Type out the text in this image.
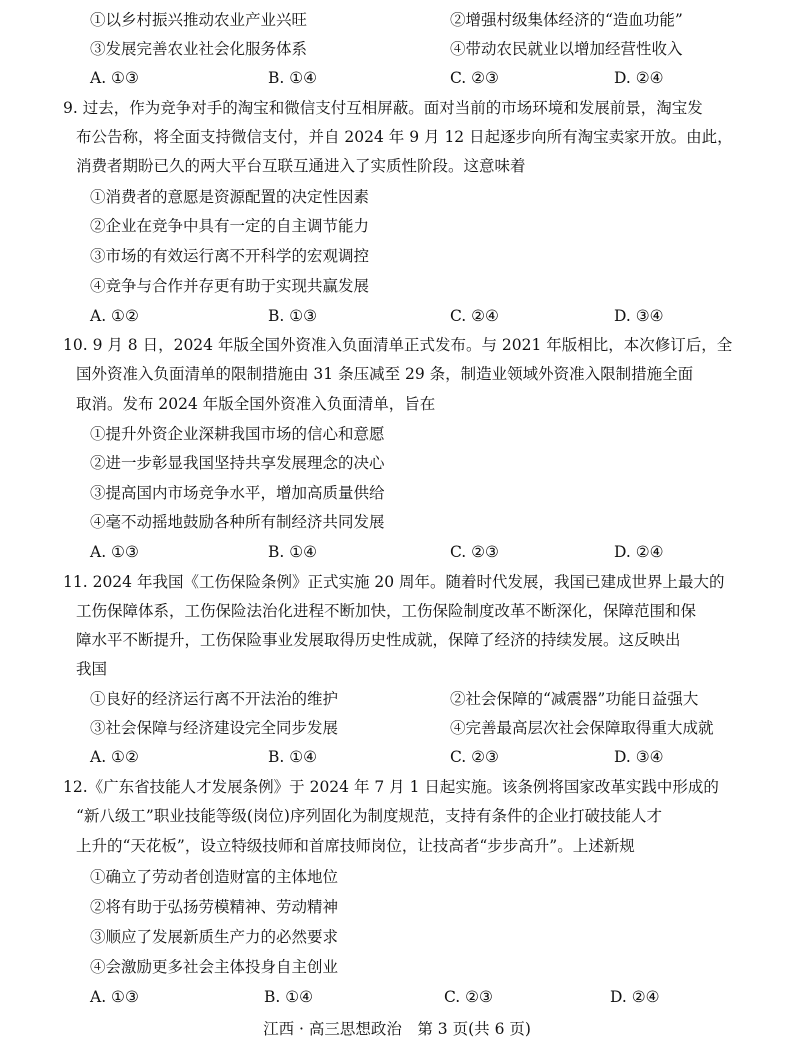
①以乡村振兴推动农业产业兴旺	②增强村级集体经济的“造血功能”
③发展完善农业社会化服务体系	④带动农民就业以增加经营性收入
A. ①③	B. ①④	C. ②③	D. ②④
9. 过去，作为竞争对手的淘宝和微信支付互相屏蔽。面对当前的市场环境和发展前景，淘宝发
布公告称，将全面支持微信支付，并自 2024 年 9 月 12 日起逐步向所有淘宝卖家开放。由此，
消费者期盼已久的两大平台互联互通进入了实质性阶段。这意味着
①消费者的意愿是资源配置的决定性因素
②企业在竞争中具有一定的自主调节能力
③市场的有效运行离不开科学的宏观调控
④竞争与合作并存更有助于实现共赢发展
A. ①②	B. ①③	C. ②④	D. ③④
10. 9 月 8 日，2024 年版全国外资准入负面清单正式发布。与 2021 年版相比，本次修订后，全
国外资准入负面清单的限制措施由 31 条压减至 29 条，制造业领域外资准入限制措施全面
取消。发布 2024 年版全国外资准入负面清单，旨在
①提升外资企业深耕我国市场的信心和意愿
②进一步彰显我国坚持共享发展理念的决心
③提高国内市场竞争水平，增加高质量供给
④毫不动摇地鼓励各种所有制经济共同发展
A. ①③	B. ①④	C. ②③	D. ②④
11. 2024 年我国《工伤保险条例》正式实施 20 周年。随着时代发展，我国已建成世界上最大的
工伤保障体系，工伤保险法治化进程不断加快，工伤保险制度改革不断深化，保障范围和保
障水平不断提升，工伤保险事业发展取得历史性成就，保障了经济的持续发展。这反映出
我国
①良好的经济运行离不开法治的维护	②社会保障的“减震器”功能日益强大
③社会保障与经济建设完全同步发展	④完善最高层次社会保障取得重大成就
A. ①②	B. ①④	C. ②③	D. ③④
12.《广东省技能人才发展条例》于 2024 年 7 月 1 日起实施。该条例将国家改革实践中形成的
“新八级工”职业技能等级(岗位)序列固化为制度规范，支持有条件的企业打破技能人才
上升的“天花板”，设立特级技师和首席技师岗位，让技高者“步步高升”。上述新规
①确立了劳动者创造财富的主体地位
②将有助于弘扬劳模精神、劳动精神
③顺应了发展新质生产力的必然要求
④会激励更多社会主体投身自主创业
A. ①③	B. ①④	C. ②③	D. ②④
江西 · 高三思想政治　第 3 页(共 6 页)
